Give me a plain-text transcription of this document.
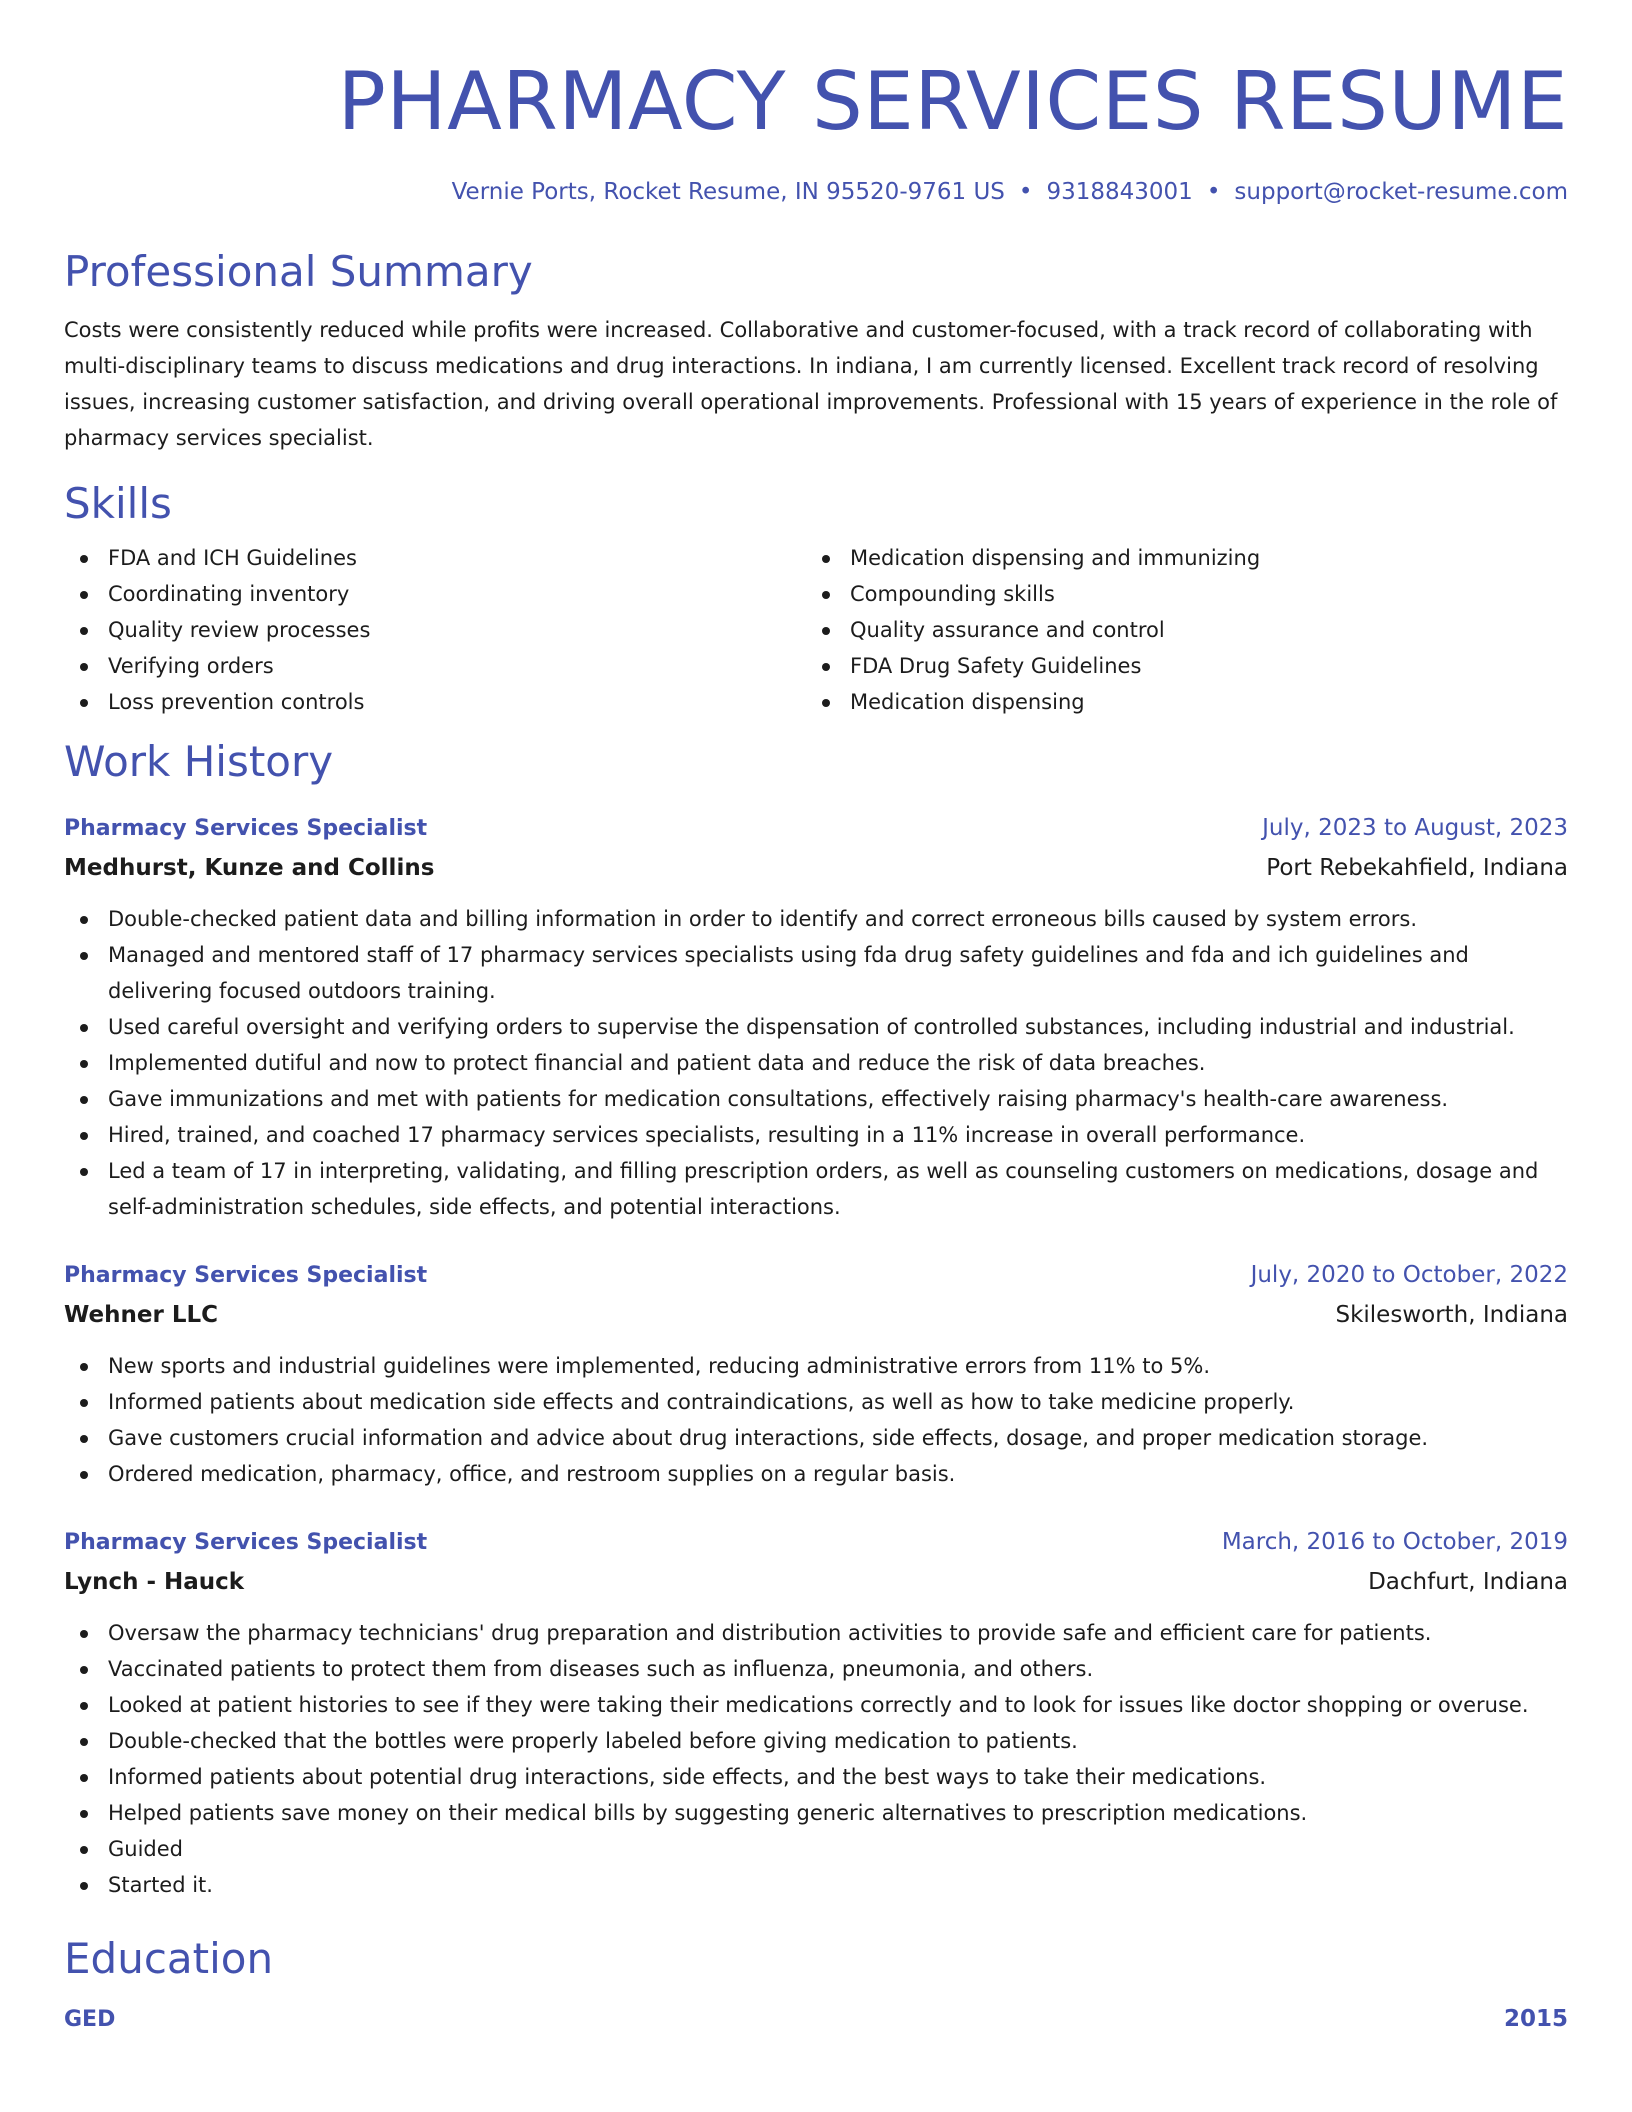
PHARMACY SERVICES RESUME
Vernie Ports, Rocket Resume, IN 95520-9761 US • 9318843001 • support@rocket-resume.com
Professional Summary
Costs were consistently reduced while profits were increased. Collaborative and customer-focused, with a track record of collaborating with multi-disciplinary teams to discuss medications and drug interactions. In indiana, I am currently licensed. Excellent track record of resolving issues, increasing customer satisfaction, and driving overall operational improvements. Professional with 15 years of experience in the role of pharmacy services specialist.
Skills
FDA and ICH Guidelines
Coordinating inventory
Quality review processes
Verifying orders
Loss prevention controls
Medication dispensing and immunizing
Compounding skills
Quality assurance and control
FDA Drug Safety Guidelines
Medication dispensing
Work History
Pharmacy Services Specialist	July, 2023 to August, 2023
Medhurst, Kunze and Collins	Port Rebekahfield, Indiana
Double-checked patient data and billing information in order to identify and correct erroneous bills caused by system errors.
Managed and mentored staff of 17 pharmacy services specialists using fda drug safety guidelines and fda and ich guidelines and delivering focused outdoors training.
Used careful oversight and verifying orders to supervise the dispensation of controlled substances, including industrial and industrial.
Implemented dutiful and now to protect financial and patient data and reduce the risk of data breaches.
Gave immunizations and met with patients for medication consultations, effectively raising pharmacy's health-care awareness.
Hired, trained, and coached 17 pharmacy services specialists, resulting in a 11% increase in overall performance.
Led a team of 17 in interpreting, validating, and filling prescription orders, as well as counseling customers on medications, dosage and self-administration schedules, side effects, and potential interactions.
Pharmacy Services Specialist	July, 2020 to October, 2022
Wehner LLC	Skilesworth, Indiana
New sports and industrial guidelines were implemented, reducing administrative errors from 11% to 5%.
Informed patients about medication side effects and contraindications, as well as how to take medicine properly.
Gave customers crucial information and advice about drug interactions, side effects, dosage, and proper medication storage.
Ordered medication, pharmacy, office, and restroom supplies on a regular basis.
Pharmacy Services Specialist	March, 2016 to October, 2019
Lynch - Hauck	Dachfurt, Indiana
Oversaw the pharmacy technicians' drug preparation and distribution activities to provide safe and efficient care for patients.
Vaccinated patients to protect them from diseases such as influenza, pneumonia, and others.
Looked at patient histories to see if they were taking their medications correctly and to look for issues like doctor shopping or overuse.
Double-checked that the bottles were properly labeled before giving medication to patients.
Informed patients about potential drug interactions, side effects, and the best ways to take their medications.
Helped patients save money on their medical bills by suggesting generic alternatives to prescription medications.
Guided
Started it.
Education
GED	2015
